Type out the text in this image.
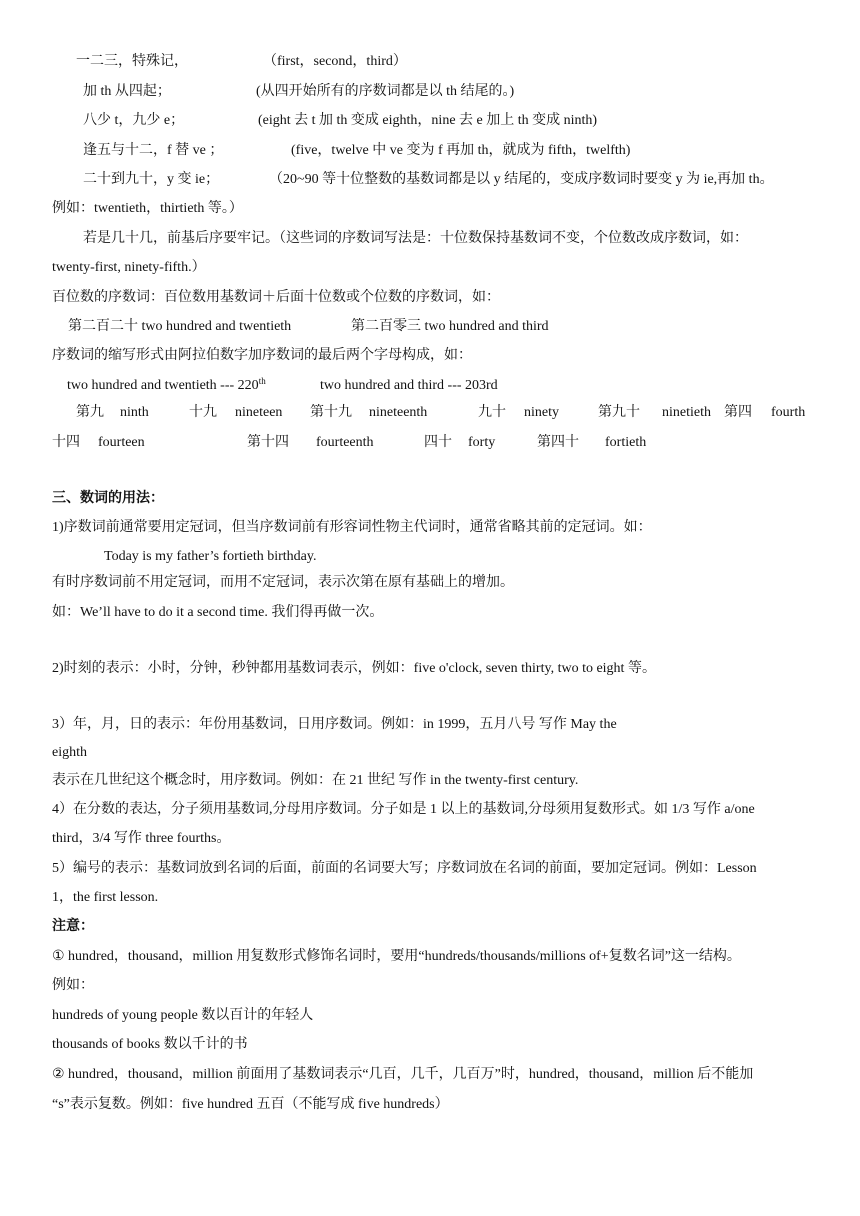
一二三，特殊记，	（first，second，third）
加 th 从四起；	(从四开始所有的序数词都是以 th 结尾的。)
八少 t，九少 e；	(eight 去 t 加 th 变成 eighth，nine 去 e 加上 th 变成 ninth)
逢五与十二，f 替 ve ；	(five，twelve 中 ve 变为 f 再加 th，就成为 fifth，twelfth)
二十到九十，y 变 ie；	（20~90 等十位整数的基数词都是以 y 结尾的，变成序数词时要变 y 为 ie,再加 th。
例如：twentieth，thirtieth 等。）
若是几十几，前基后序要牢记。（这些词的序数词写法是：十位数保持基数词不变，个位数改成序数词，如：
twenty-first, ninety-fifth.）
百位数的序数词：百位数用基数词＋后面十位数或个位数的序数词，如：
第二百二十 two hundred and twentieth	第二百零三 two hundred and third
序数词的缩写形式由阿拉伯数字加序数词的最后两个字母构成，如：
two hundred and twentieth --- 220th	two hundred and third --- 203rd
第九 ninth	十九 nineteen 第十九 nineteenth	九十 ninety	第九十 ninetieth 第四 fourth
十四 fourteen	第十四 fourteenth	四十 forty	第四十 fortieth
三、数词的用法：
1)序数词前通常要用定冠词，但当序数词前有形容词性物主代词时，通常省略其前的定冠词。如：
Today is my father’s fortieth birthday.
有时序数词前不用定冠词，而用不定冠词，表示次第在原有基础上的增加。
如：We’ll have to do it a second time. 我们得再做一次。
2)时刻的表示：小时，分钟，秒钟都用基数词表示，例如：five o'clock, seven thirty, two to eight 等。
3）年，月，日的表示：年份用基数词，日用序数词。例如：in 1999，五月八号 写作 May the
eighth
表示在几世纪这个概念时，用序数词。例如：在 21 世纪 写作 in the twenty-first century.
4）在分数的表达，分子须用基数词,分母用序数词。分子如是 1 以上的基数词,分母须用复数形式。如 1/3 写作 a/one
third，3/4 写作 three fourths。
5）编号的表示：基数词放到名词的后面，前面的名词要大写；序数词放在名词的前面，要加定冠词。例如：Lesson
1，the first lesson.
注意：
① hundred，thousand，million 用复数形式修饰名词时，要用“hundreds/thousands/millions of+复数名词”这一结构。
例如：
hundreds of young people 数以百计的年轻人
thousands of books 数以千计的书
② hundred，thousand，million 前面用了基数词表示“几百，几千，几百万”时，hundred，thousand，million 后不能加
“s”表示复数。例如：five hundred 五百（不能写成 five hundreds）
